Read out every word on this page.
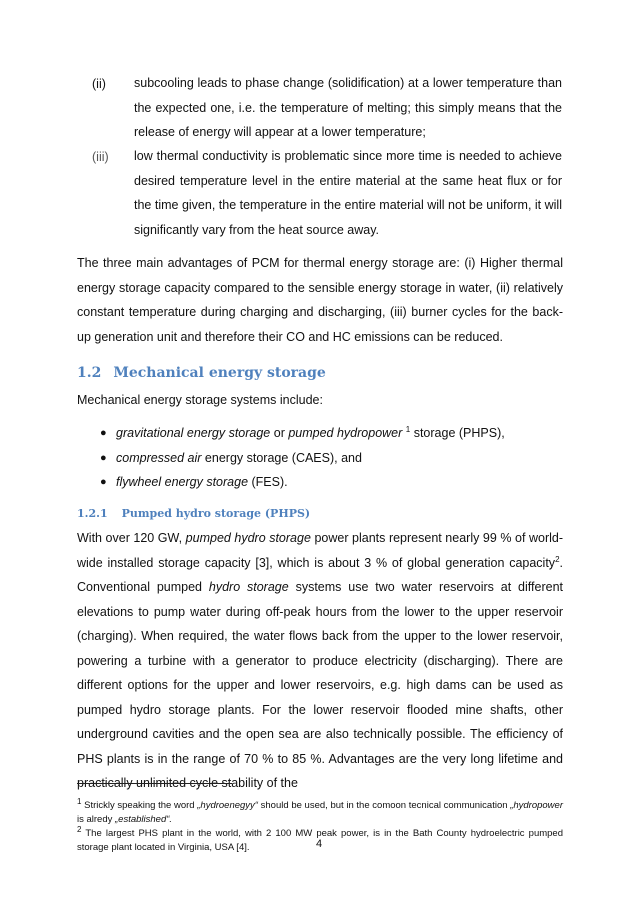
(ii) subcooling leads to phase change (solidification) at a lower temperature than the expected one, i.e. the temperature of melting; this simply means that the release of energy will appear at a lower temperature;
(iii) low thermal conductivity is problematic since more time is needed to achieve desired temperature level in the entire material at the same heat flux or for the time given, the temperature in the entire material will not be uniform, it will significantly vary from the heat source away.
The three main advantages of PCM for thermal energy storage are: (i) Higher thermal energy storage capacity compared to the sensible energy storage in water, (ii) relatively constant temperature during charging and discharging, (iii) burner cycles for the back-up generation unit and therefore their CO and HC emissions can be reduced.
1.2 Mechanical energy storage
Mechanical energy storage systems include:
● gravitational energy storage or pumped hydropower $^1$ storage (PHPS),
● compressed air energy storage (CAES), and
● flywheel energy storage (FES).
1.2.1 Pumped hydro storage (PHPS)
With over 120 GW, pumped hydro storage power plants represent nearly 99 % of world-wide installed storage capacity [3], which is about 3 % of global generation capacity$^2$. Conventional pumped hydro storage systems use two water reservoirs at different elevations to pump water during off-peak hours from the lower to the upper reservoir (charging). When required, the water flows back from the upper to the lower reservoir, powering a turbine with a generator to produce electricity (discharging). There are different options for the upper and lower reservoirs, e.g. high dams can be used as pumped hydro storage plants. For the lower reservoir flooded mine shafts, other underground cavities and the open sea are also technically possible. The efficiency of PHS plants is in the range of 70 % to 85 %. Advantages are the very long lifetime and practically unlimited cycle stability of the
$^1$ Strickly speaking the word „hydroenegyy“ should be used, but in the comoon tecnical communication „hydropower is alredy „established“.
$^2$ The largest PHS plant in the world, with 2 100 MW peak power, is in the Bath County hydroelectric pumped storage plant located in Virginia, USA [4].	4
